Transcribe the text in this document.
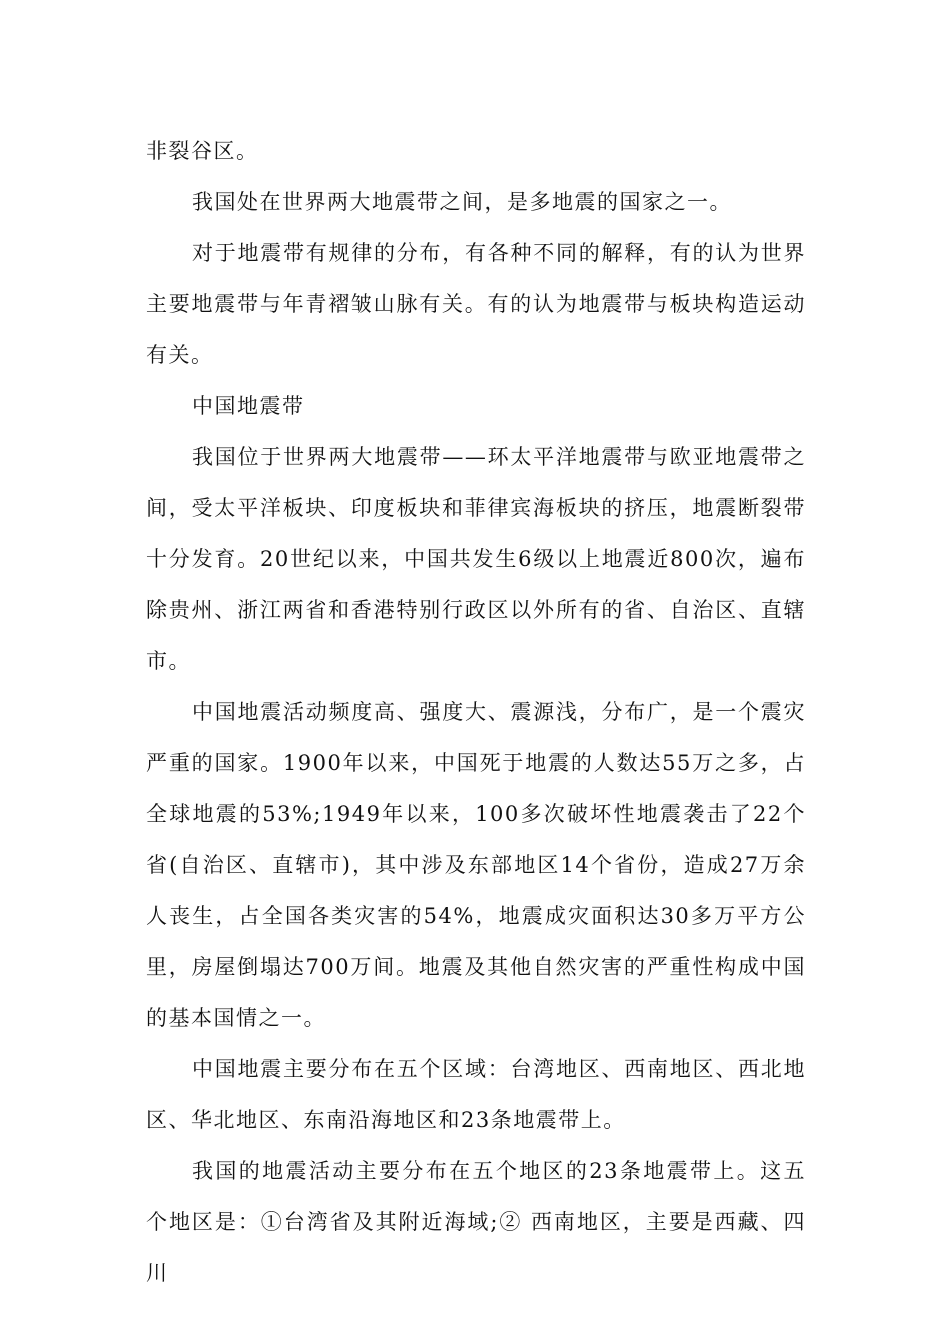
非裂谷区。

我国处在世界两大地震带之间，是多地震的国家之一。

对于地震带有规律的分布，有各种不同的解释，有的认为世界主要地震带与年青褶皱山脉有关。有的认为地震带与板块构造运动有关。

中国地震带

我国位于世界两大地震带——环太平洋地震带与欧亚地震带之间，受太平洋板块、印度板块和菲律宾海板块的挤压，地震断裂带十分发育。20世纪以来，中国共发生6级以上地震近800次，遍布除贵州、浙江两省和香港特别行政区以外所有的省、自治区、直辖市。

中国地震活动频度高、强度大、震源浅，分布广，是一个震灾严重的国家。1900年以来，中国死于地震的人数达55万之多，占全球地震的53%;1949年以来，100多次破坏性地震袭击了22个省(自治区、直辖市)，其中涉及东部地区14个省份，造成27万余人丧生，占全国各类灾害的54%，地震成灾面积达30多万平方公里，房屋倒塌达700万间。地震及其他自然灾害的严重性构成中国的基本国情之一。

中国地震主要分布在五个区域：台湾地区、西南地区、西北地区、华北地区、东南沿海地区和23条地震带上。

我国的地震活动主要分布在五个地区的23条地震带上。这五个地区是：①台湾省及其附近海域;② 西南地区，主要是西藏、四川
